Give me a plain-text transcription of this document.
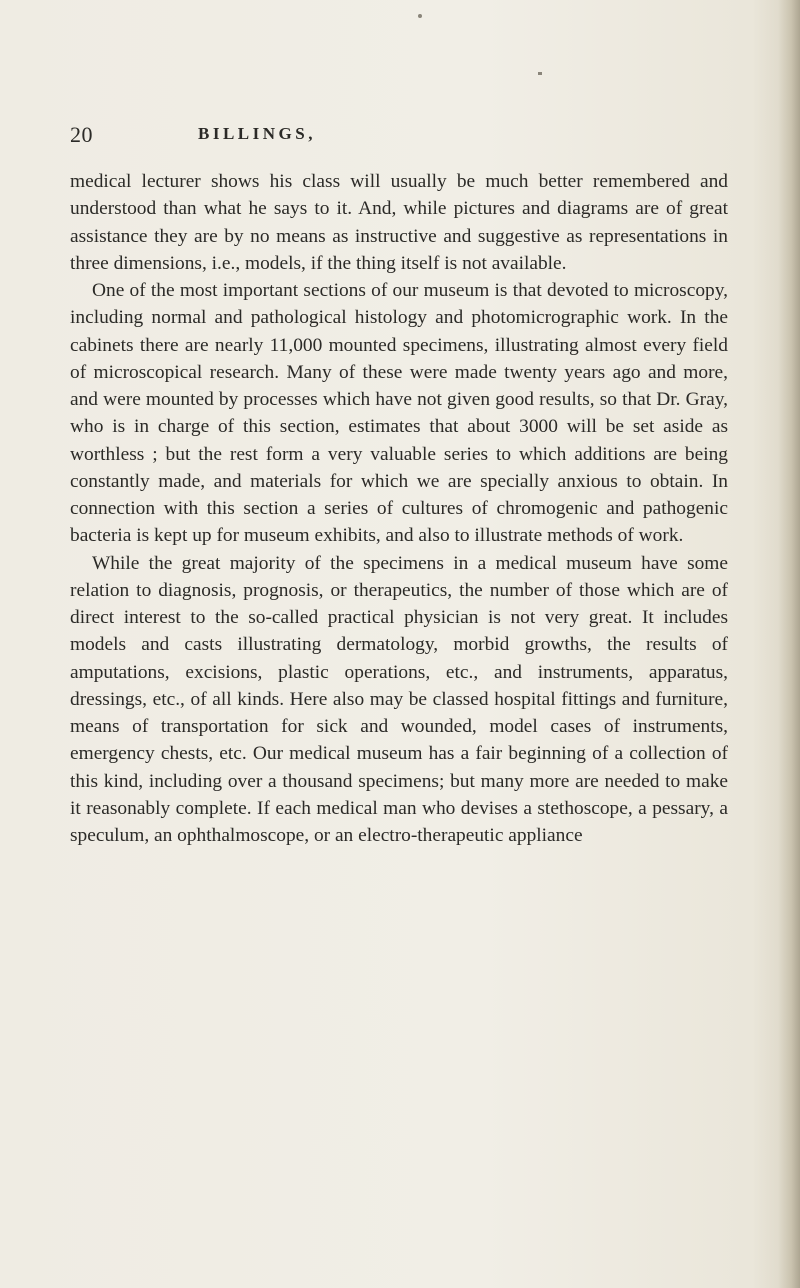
20	BILLINGS,

medical lecturer shows his class will usually be much better remembered and understood than what he says to it. And, while pictures and diagrams are of great assistance they are by no means as instructive and suggestive as representations in three dimensions, i.e., models, if the thing itself is not available.

One of the most important sections of our museum is that devoted to microscopy, including normal and pathological histology and photomicrographic work. In the cabinets there are nearly 11,000 mounted specimens, illustrating almost every field of microscopical research. Many of these were made twenty years ago and more, and were mounted by processes which have not given good results, so that Dr. Gray, who is in charge of this section, estimates that about 3000 will be set aside as worthless ; but the rest form a very valuable series to which additions are being constantly made, and materials for which we are specially anxious to obtain. In connection with this section a series of cultures of chromogenic and pathogenic bacteria is kept up for museum exhibits, and also to illustrate methods of work.

While the great majority of the specimens in a medical museum have some relation to diagnosis, prognosis, or therapeutics, the number of those which are of direct interest to the so-called practical physician is not very great. It includes models and casts illustrating dermatology, morbid growths, the results of amputations, excisions, plastic operations, etc., and instruments, apparatus, dressings, etc., of all kinds. Here also may be classed hospital fittings and furniture, means of transportation for sick and wounded, model cases of instruments, emergency chests, etc. Our medical museum has a fair beginning of a collection of this kind, including over a thousand specimens; but many more are needed to make it reasonably complete. If each medical man who devises a stethoscope, a pessary, a speculum, an ophthalmoscope, or an electro-therapeutic appliance
